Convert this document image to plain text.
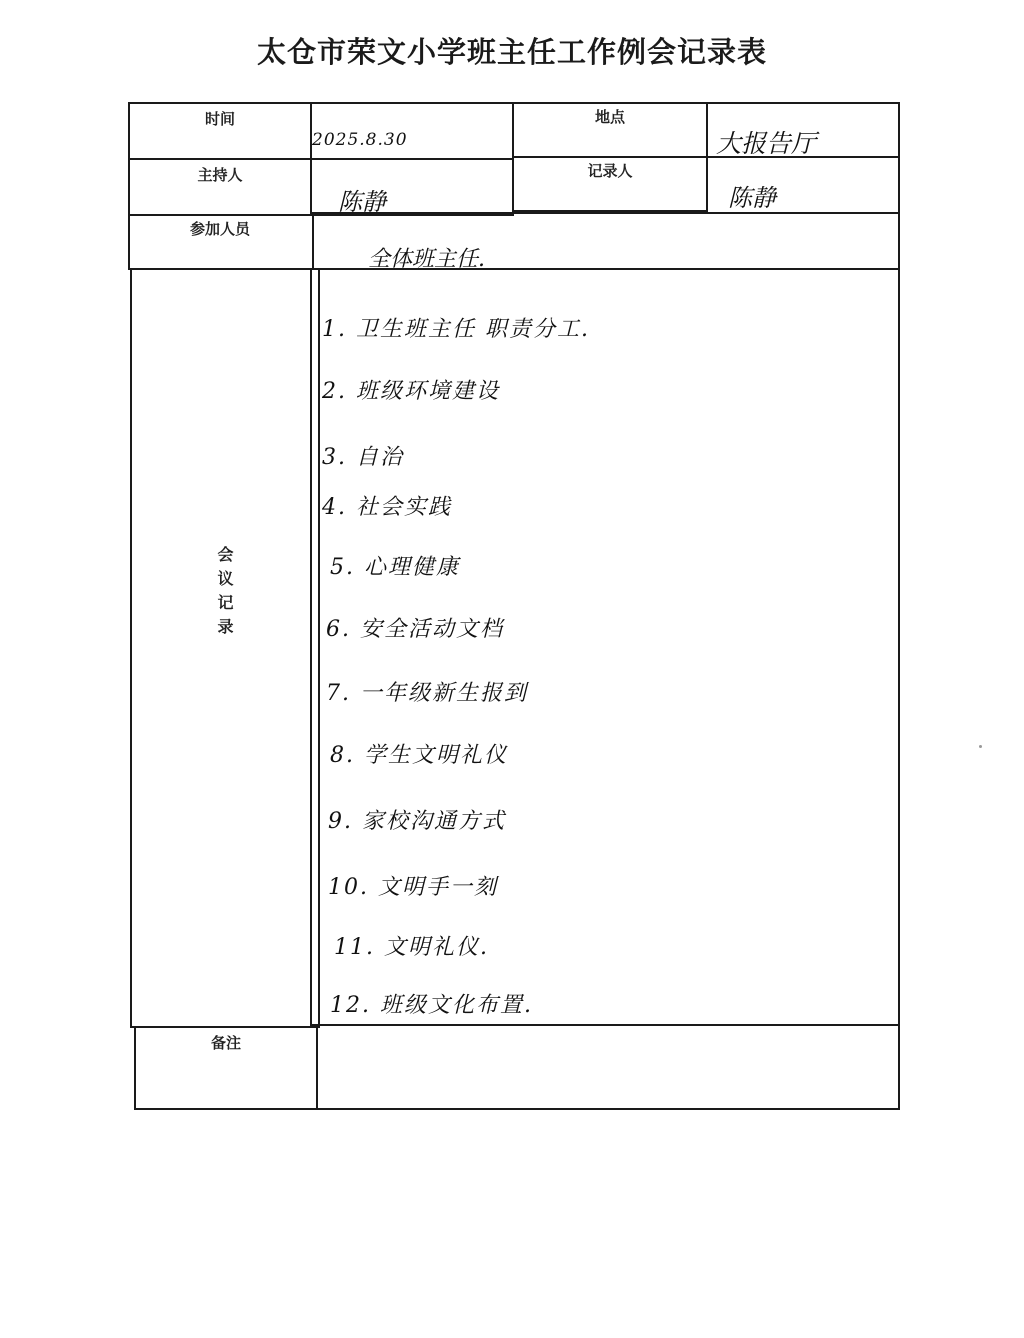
太仓市荣文小学班主任工作例会记录表
时间
2025.8.30
地点
大报告厅
主持人
陈静
记录人
陈静
参加人员
全体班主任.
会议记录
1. 卫生班主任 职责分工.
2. 班级环境建设
3. 自治
4. 社会实践
5. 心理健康
6. 安全活动文档
7. 一年级新生报到
8. 学生文明礼仪
9. 家校沟通方式
10. 文明手一刻
11. 文明礼仪.
12. 班级文化布置.
备注
